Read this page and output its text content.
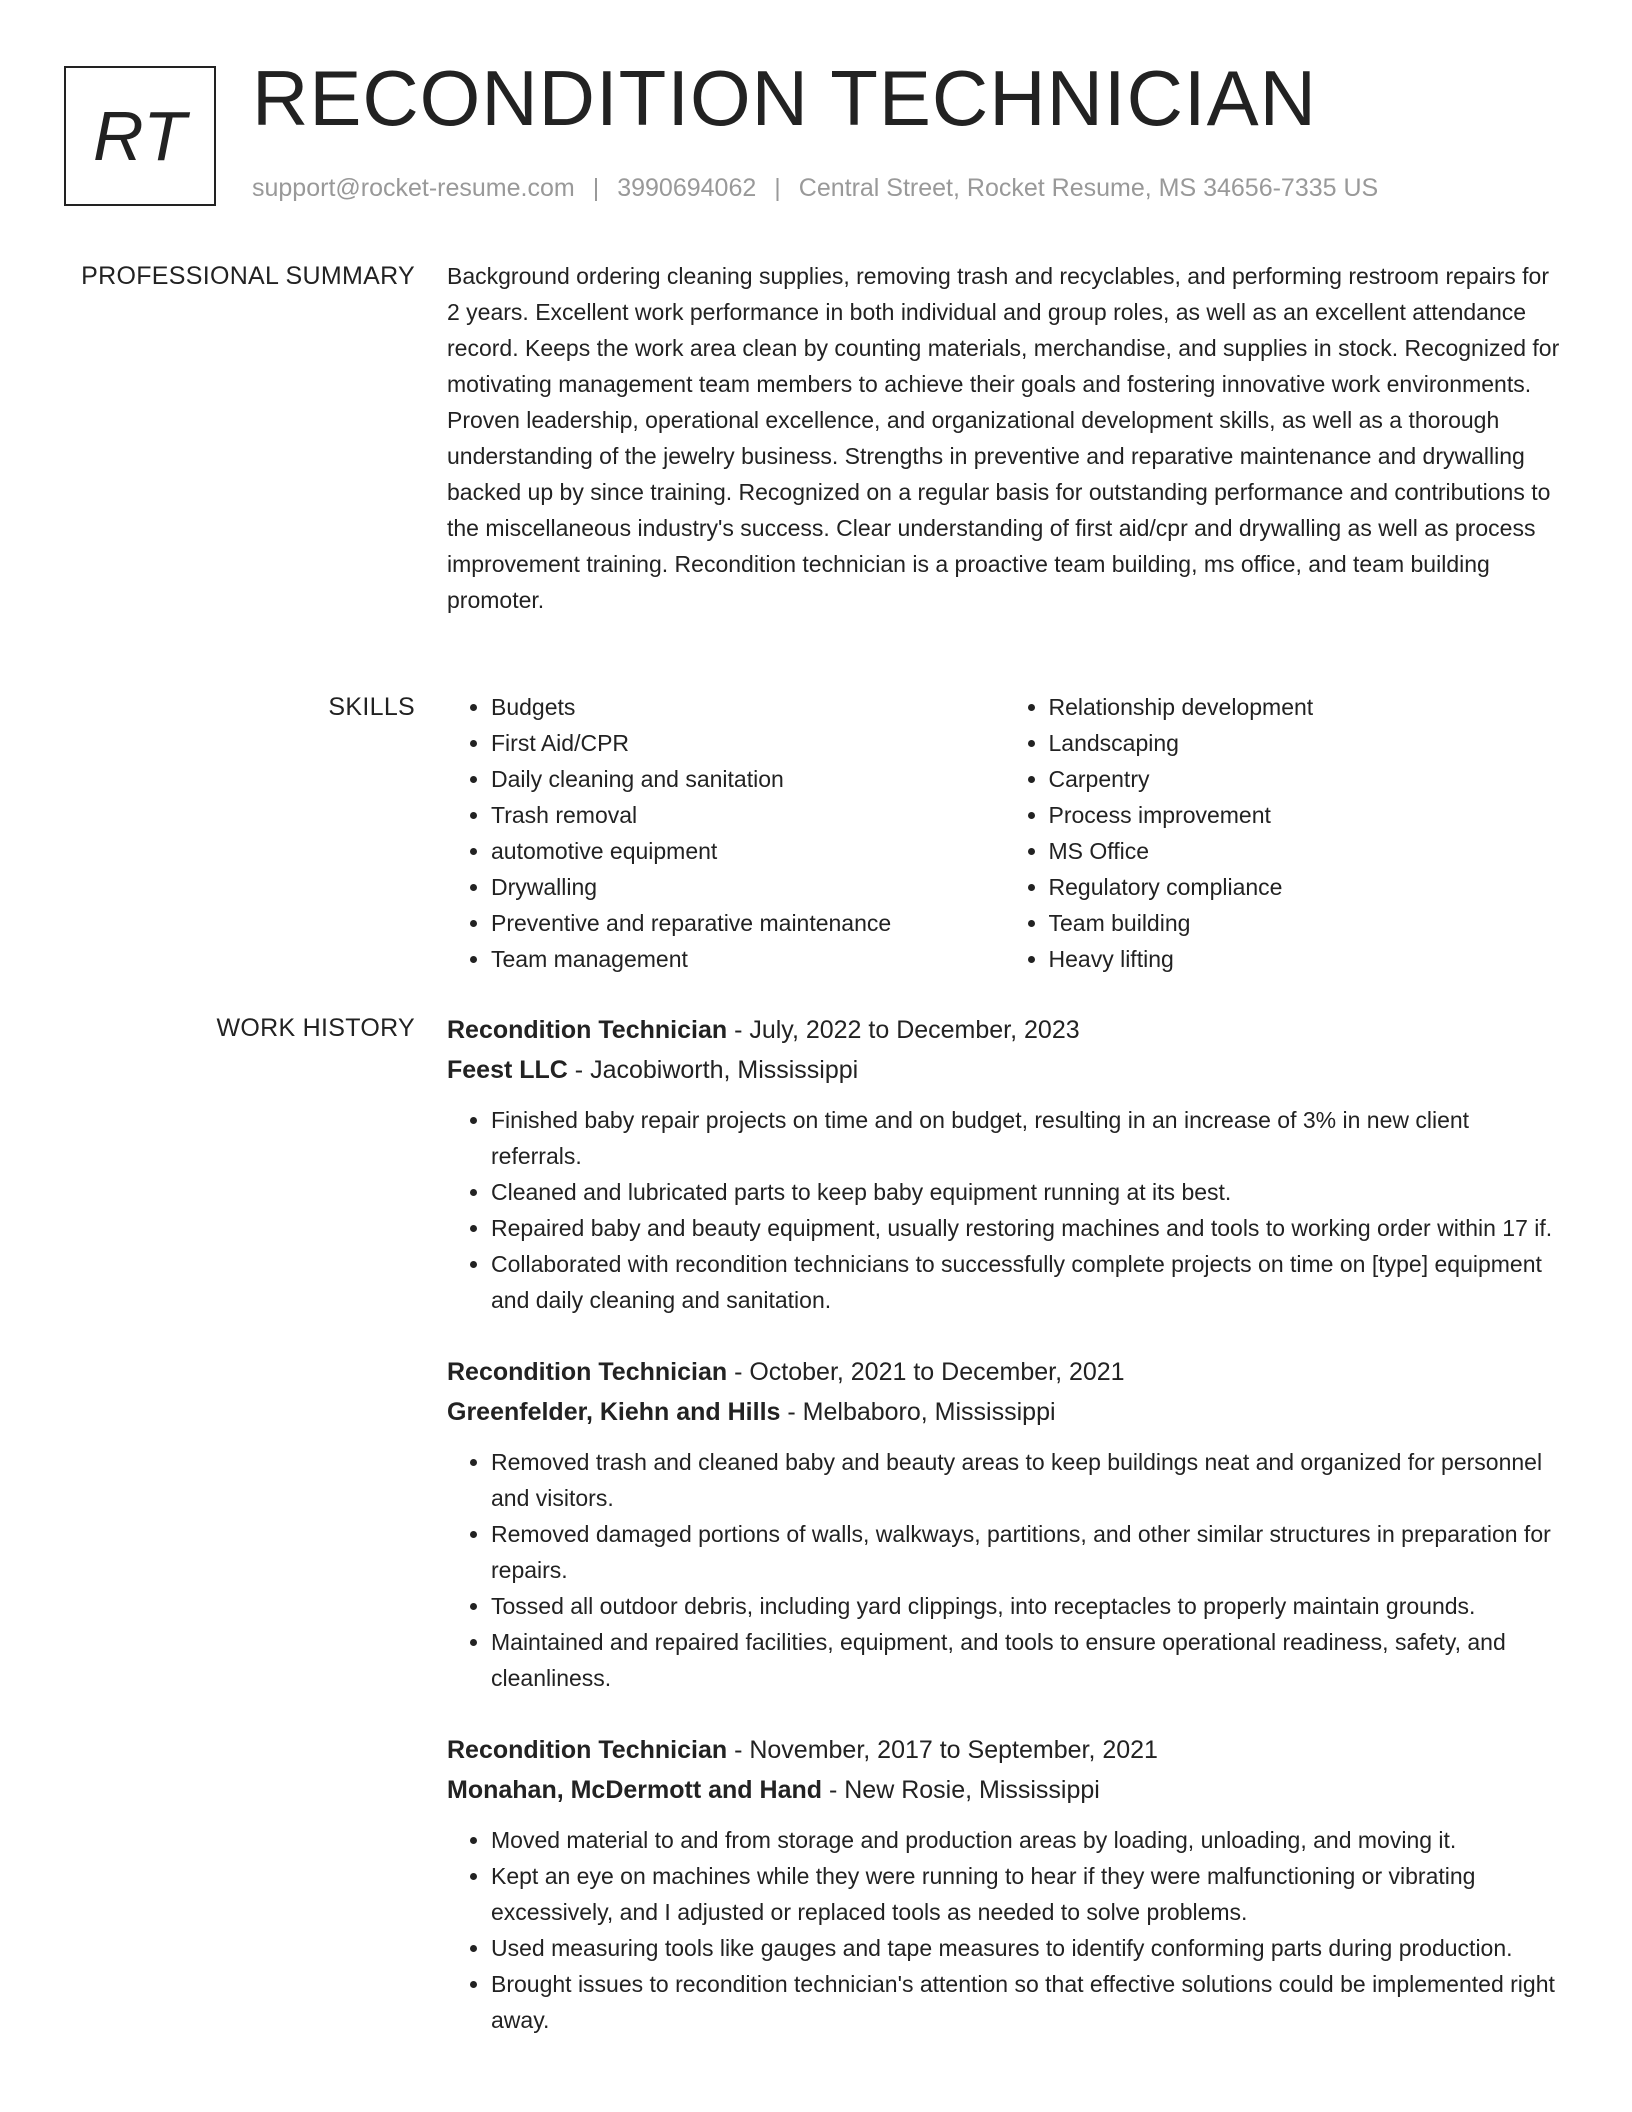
RT RECONDITION TECHNICIAN
support@rocket-resume.com | 3990694062 | Central Street, Rocket Resume, MS 34656-7335 US
PROFESSIONAL SUMMARY Background ordering cleaning supplies, removing trash and recyclables, and performing restroom repairs for 2 years. Excellent work performance in both individual and group roles, as well as an excellent attendance record. Keeps the work area clean by counting materials, merchandise, and supplies in stock. Recognized for motivating management team members to achieve their goals and fostering innovative work environments. Proven leadership, operational excellence, and organizational development skills, as well as a thorough understanding of the jewelry business. Strengths in preventive and reparative maintenance and drywalling backed up by since training. Recognized on a regular basis for outstanding performance and contributions to the miscellaneous industry's success. Clear understanding of first aid/cpr and drywalling as well as process improvement training. Recondition technician is a proactive team building, ms office, and team building promoter.

SKILLS
•	Budgets
• First Aid/CPR
• Daily cleaning and sanitation
• Trash removal
• automotive equipment
• Drywalling
• Preventive and reparative maintenance
• Team management
• Relationship development
• Landscaping
• Carpentry
• Process improvement
• MS Office
• Regulatory compliance
• Team building
• Heavy lifting
WORK HISTORY Recondition Technician - July, 2022 to December, 2023
Feest LLC - Jacobiworth, Mississippi
• Finished baby repair projects on time and on budget, resulting in an increase of 3% in new client referrals.
• Cleaned and lubricated parts to keep baby equipment running at its best.
• Repaired baby and beauty equipment, usually restoring machines and tools to working order within 17 if.
• Collaborated with recondition technicians to successfully complete projects on time on [type] equipment and daily cleaning and sanitation.
Recondition Technician - October, 2021 to December, 2021
Greenfelder, Kiehn and Hills - Melbaboro, Mississippi
• Removed trash and cleaned baby and beauty areas to keep buildings neat and organized for personnel and visitors.
• Removed damaged portions of walls, walkways, partitions, and other similar structures in preparation for repairs.
• Tossed all outdoor debris, including yard clippings, into receptacles to properly maintain grounds.
• Maintained and repaired facilities, equipment, and tools to ensure operational readiness, safety, and cleanliness.
Recondition Technician - November, 2017 to September, 2021
Monahan, McDermott and Hand - New Rosie, Mississippi
• Moved material to and from storage and production areas by loading, unloading, and moving it.
• Kept an eye on machines while they were running to hear if they were malfunctioning or vibrating excessively, and I adjusted or replaced tools as needed to solve problems.
• Used measuring tools like gauges and tape measures to identify conforming parts during production.
• Brought issues to recondition technician's attention so that effective solutions could be implemented right away.
